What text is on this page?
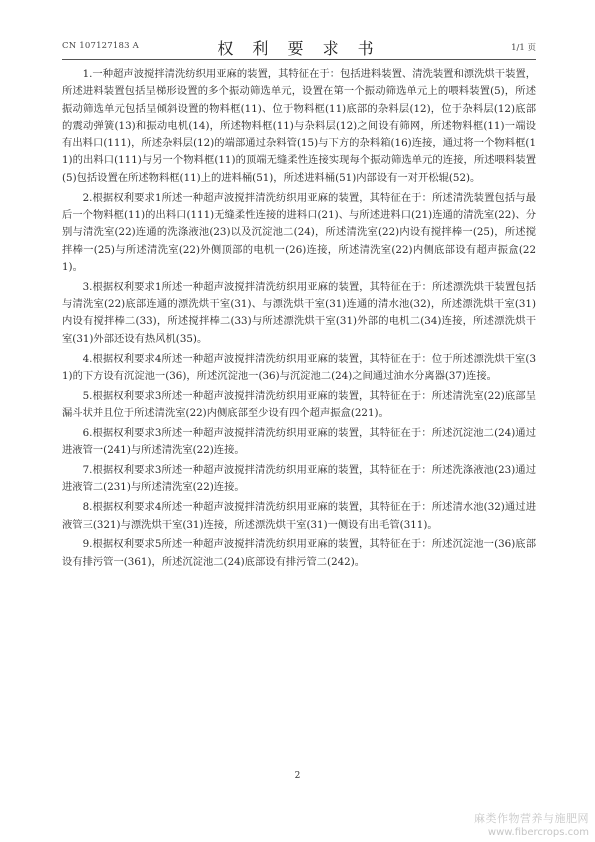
CN 107127183 A	权 利 要 求 书	1/1 页

1.一种超声波搅拌清洗纺织用亚麻的装置，其特征在于：包括进料装置、清洗装置和漂洗烘干装置，所述进料装置包括呈梯形设置的多个振动筛选单元，设置在第一个振动筛选单元上的喂料装置(5)，所述振动筛选单元包括呈倾斜设置的物料框(11)、位于物料框(11)底部的杂料层(12)，位于杂料层(12)底部的震动弹簧(13)和振动电机(14)，所述物料框(11)与杂料层(12)之间设有筛网，所述物料框(11)一端设有出料口(111)，所述杂料层(12)的端部通过杂料管(15)与下方的杂料箱(16)连接，通过将一个物料框(11)的出料口(111)与另一个物料框(11)的顶端无缝柔性连接实现每个振动筛选单元的连接，所述喂料装置(5)包括设置在所述物料框(11)上的进料桶(51)，所述进料桶(51)内部设有一对开松辊(52)。

2.根据权利要求1所述一种超声波搅拌清洗纺织用亚麻的装置，其特征在于：所述清洗装置包括与最后一个物料框(11)的出料口(111)无缝柔性连接的进料口(21)、与所述进料口(21)连通的清洗室(22)、分别与清洗室(22)连通的洗涤液池(23)以及沉淀池二(24)，所述清洗室(22)内设有搅拌棒一(25)，所述搅拌棒一(25)与所述清洗室(22)外侧顶部的电机一(26)连接，所述清洗室(22)内侧底部设有超声振盒(221)。

3.根据权利要求1所述一种超声波搅拌清洗纺织用亚麻的装置，其特征在于：所述漂洗烘干装置包括与清洗室(22)底部连通的漂洗烘干室(31)、与漂洗烘干室(31)连通的清水池(32)，所述漂洗烘干室(31)内设有搅拌棒二(33)，所述搅拌棒二(33)与所述漂洗烘干室(31)外部的电机二(34)连接，所述漂洗烘干室(31)外部还设有热风机(35)。

4.根据权利要求4所述一种超声波搅拌清洗纺织用亚麻的装置，其特征在于：位于所述漂洗烘干室(31)的下方设有沉淀池一(36)，所述沉淀池一(36)与沉淀池二(24)之间通过油水分离器(37)连接。

5.根据权利要求3所述一种超声波搅拌清洗纺织用亚麻的装置，其特征在于：所述清洗室(22)底部呈漏斗状并且位于所述清洗室(22)内侧底部至少设有四个超声振盒(221)。

6.根据权利要求3所述一种超声波搅拌清洗纺织用亚麻的装置，其特征在于：所述沉淀池二(24)通过进液管一(241)与所述清洗室(22)连接。

7.根据权利要求3所述一种超声波搅拌清洗纺织用亚麻的装置，其特征在于：所述洗涤液池(23)通过进液管二(231)与所述清洗室(22)连接。

8.根据权利要求4所述一种超声波搅拌清洗纺织用亚麻的装置，其特征在于：所述清水池(32)通过进液管三(321)与漂洗烘干室(31)连接，所述漂洗烘干室(31)一侧设有出毛管(311)。

9.根据权利要求5所述一种超声波搅拌清洗纺织用亚麻的装置，其特征在于：所述沉淀池一(36)底部设有排污管一(361)，所述沉淀池二(24)底部设有排污管二(242)。

2
麻类作物营养与施肥网
www.fibercrops.com
